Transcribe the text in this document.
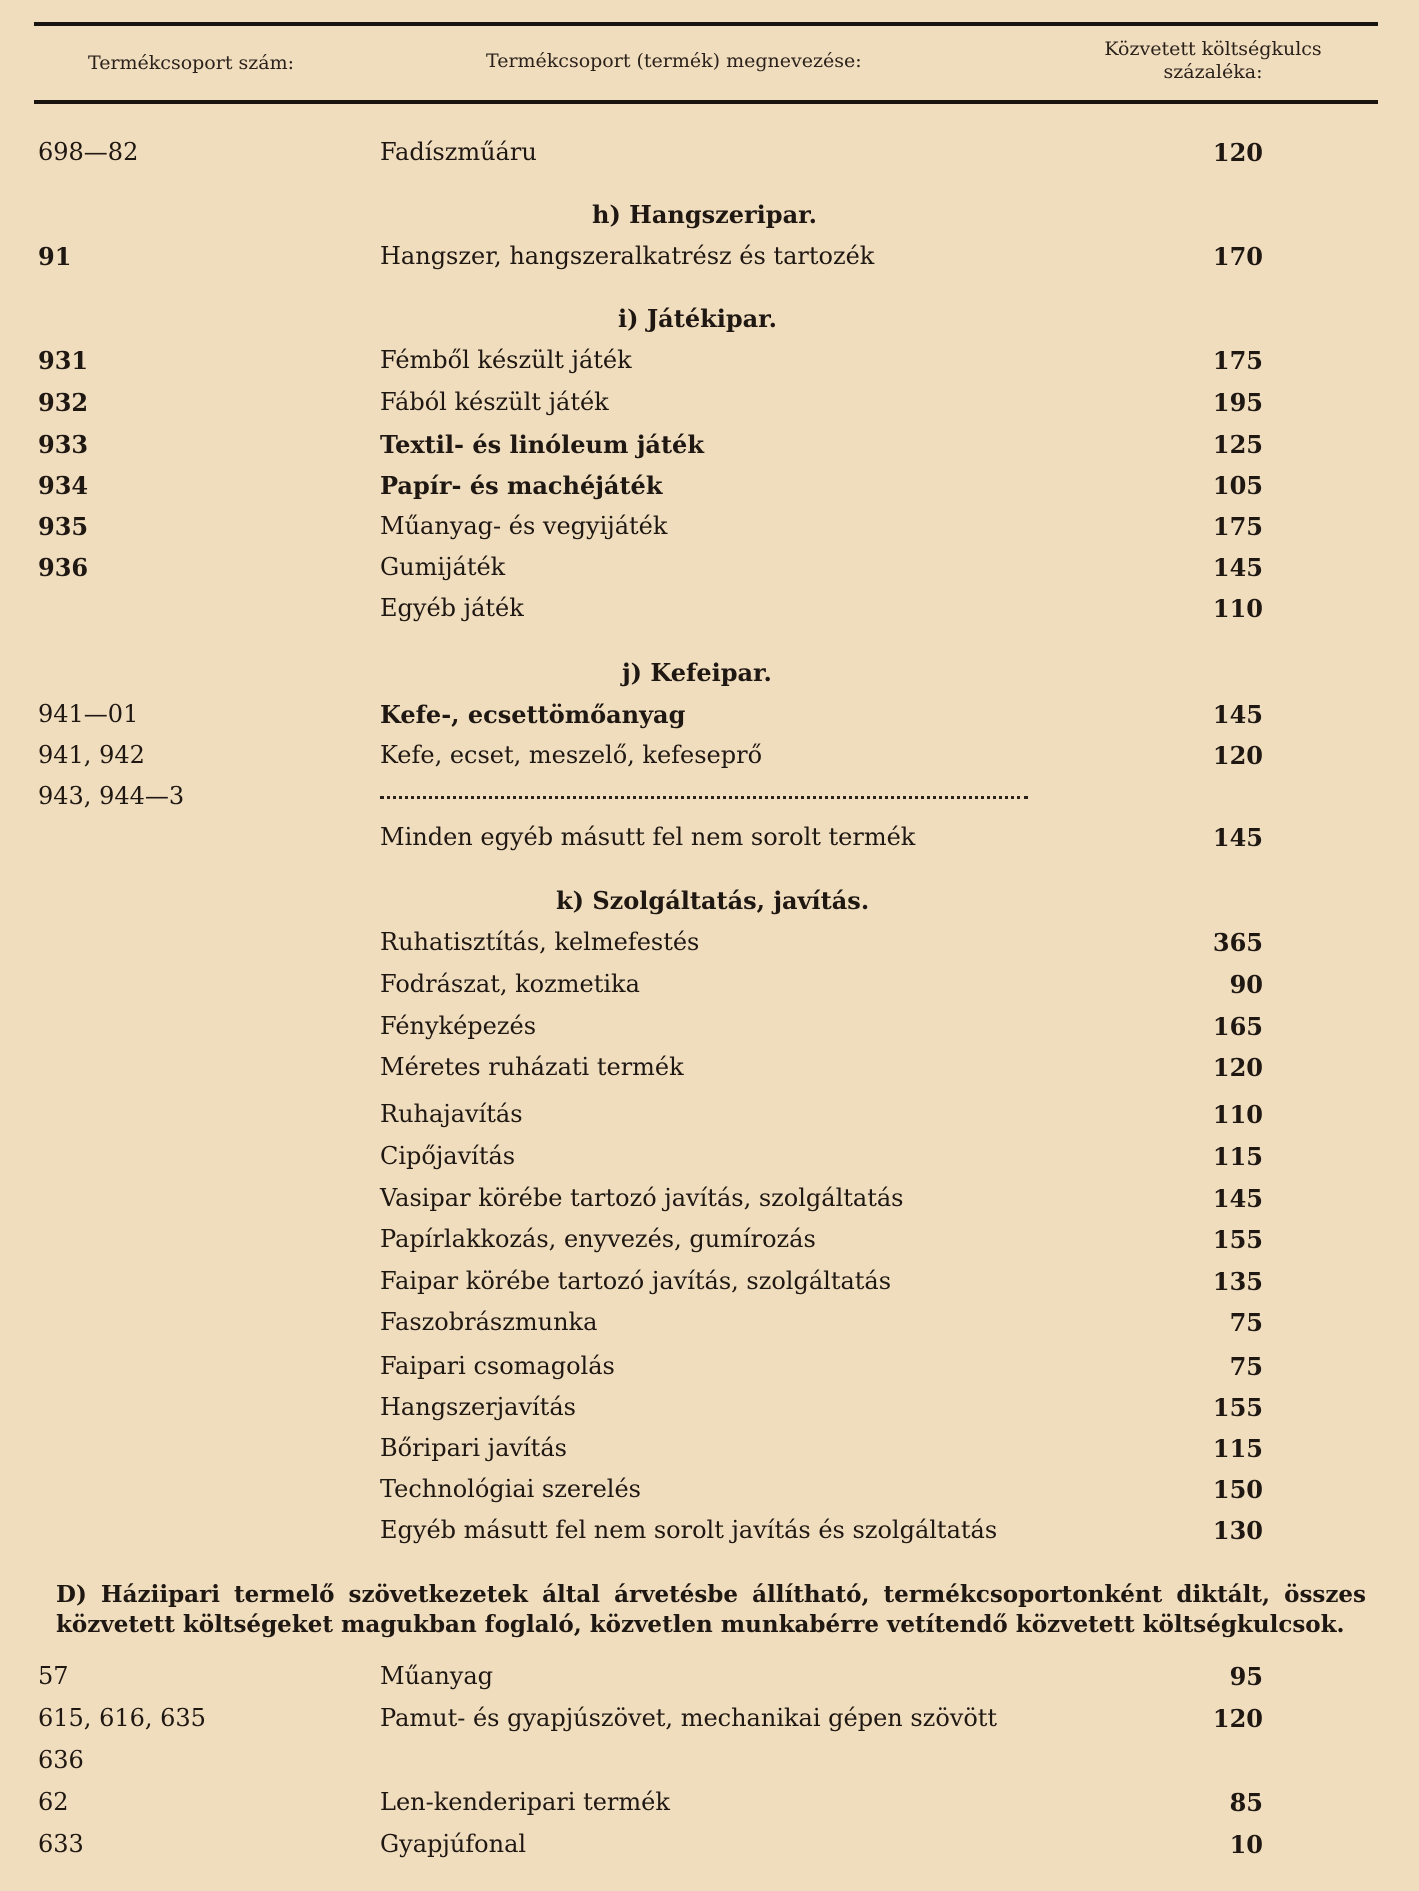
Termékcsoport szám:	Termékcsoport (termék) megnevezése:
Közvetett költségkulcs
százaléka:
698—82	Fadíszműáru	120
h) Hangszeripar.
91	Hangszer, hangszeralkatrész és tartozék	170
i) Játékipar.
931	Fémből készült játék	175
932	Fából készült játék	195
933	Textil- és linóleum játék	125
934	Papír- és machéjáték	105
935	Műanyag- és vegyijáték	175
936	Gumijáték	145
Egyéb játék	110
j) Kefeipar.
941—01	Kefe-, ecsettömőanyag	145
941, 942	Kefe, ecset, meszelő, kefeseprő	120
943, 944—3
Minden egyéb másutt fel nem sorolt termék	145
k) Szolgáltatás, javítás.
Ruhatisztítás, kelmefestés	365
Fodrászat, kozmetika	90
Fényképezés	165
Méretes ruházati termék	120
Ruhajavítás	110
Cipőjavítás	115
Vasipar körébe tartozó javítás, szolgáltatás	145
Papírlakkozás, enyvezés, gumírozás	155
Faipar körébe tartozó javítás, szolgáltatás	135
Faszobrászmunka	75
Faipari csomagolás	75
Hangszerjavítás	155
Bőripari javítás	115
Technológiai szerelés	150
Egyéb másutt fel nem sorolt javítás és szolgáltatás	130
D) Háziipari termelő szövetkezetek által árvetésbe állítható, termékcsoportonként diktált, összes közvetett költségeket magukban foglaló, közvetlen munkabérre vetítendő közvetett költségkulcsok.
57	Műanyag	95
615, 616, 635	Pamut- és gyapjúszövet, mechanikai gépen szövött	120
636
62	Len-kenderipari termék	85
633	Gyapjúfonal	10
